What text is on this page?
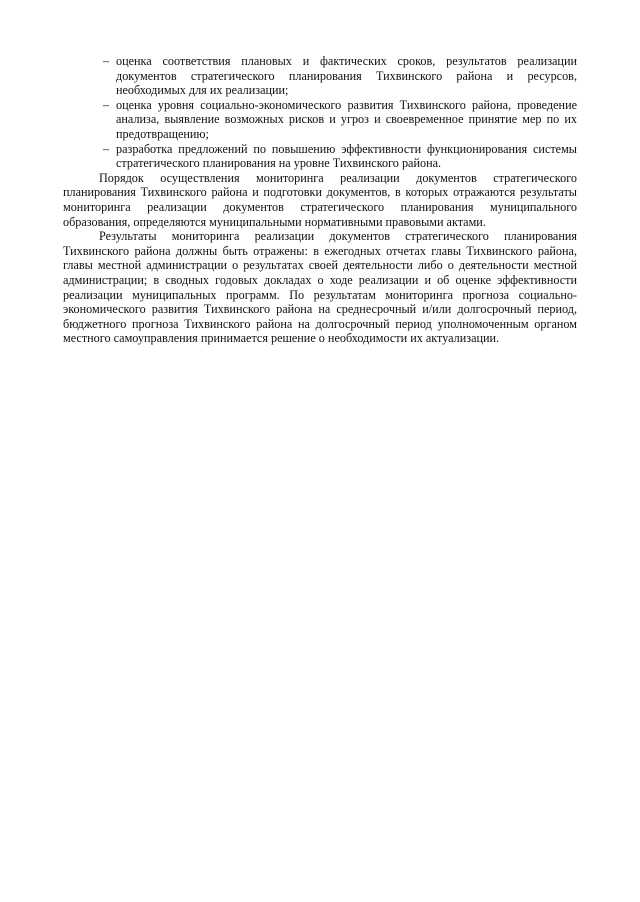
– оценка соответствия плановых и фактических сроков, результатов реализации документов стратегического планирования Тихвинского района и ресурсов, необходимых для их реализации;
– оценка уровня социально-экономического развития Тихвинского района, проведение анализа, выявление возможных рисков и угроз и своевременное принятие мер по их предотвращению;
– разработка предложений по повышению эффективности функционирования системы стратегического планирования на уровне Тихвинского района.

Порядок осуществления мониторинга реализации документов стратегического планирования Тихвинского района и подготовки документов, в которых отражаются результаты мониторинга реализации документов стратегического планирования муниципального образования, определяются муниципальными нормативными правовыми актами.

Результаты мониторинга реализации документов стратегического планирования Тихвинского района должны быть отражены: в ежегодных отчетах главы Тихвинского района, главы местной администрации о результатах своей деятельности либо о деятельности местной администрации; в сводных годовых докладах о ходе реализации и об оценке эффективности реализации муниципальных программ. По результатам мониторинга прогноза социально-экономического развития Тихвинского района на среднесрочный и/или долгосрочный период, бюджетного прогноза Тихвинского района на долгосрочный период уполномоченным органом местного самоуправления принимается решение о необходимости их актуализации.
